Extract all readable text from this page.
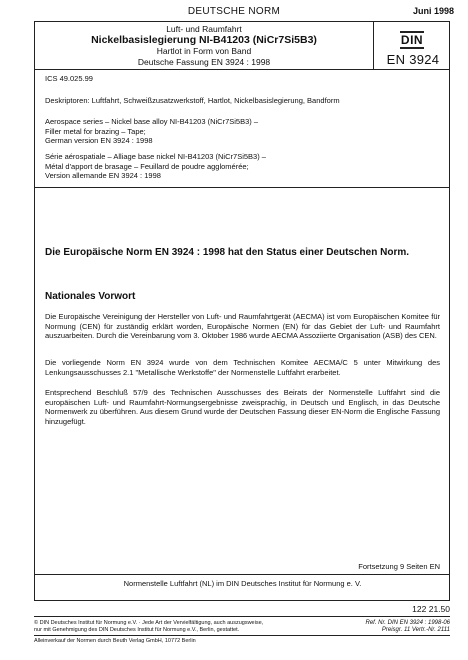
DEUTSCHE NORM	Juni 1998
Luft- und Raumfahrt
Nickelbasislegierung NI-B41203 (NiCr7Si5B3)
Hartlot in Form von Band
Deutsche Fassung EN 3924 : 1998
DIN
EN 3924
ICS 49.025.99
Deskriptoren: Luftfahrt, Schweißzusatzwerkstoff, Hartlot, Nickelbasislegierung, Bandform
Aerospace series – Nickel base alloy NI-B41203 (NiCr7Si5B3) –
Filler metal for brazing – Tape;
German version EN 3924 : 1998
Série aérospatiale – Alliage base nickel NI-B41203 (NiCr7Si5B3) –
Métal d'apport de brasage – Feuillard de poudre agglomérée;
Version allemande EN 3924 : 1998
Die Europäische Norm EN 3924 : 1998 hat den Status einer Deutschen Norm.
Nationales Vorwort
Die Europäische Vereinigung der Hersteller von Luft- und Raumfahrtgerät (AECMA) ist vom Europäischen Komitee für Normung (CEN) für zuständig erklärt worden, Europäische Normen (EN) für das Gebiet der Luft- und Raumfahrt auszuarbeiten. Durch die Vereinbarung vom 3. Oktober 1986 wurde AECMA Assoziierte Organisation (ASB) des CEN.
Die vorliegende Norm EN 3924 wurde von dem Technischen Komitee AECMA/C 5 unter Mitwirkung des Lenkungsausschusses 2.1 "Metallische Werkstoffe" der Normenstelle Luftfahrt erarbeitet.
Entsprechend Beschluß 57/9 des Technischen Ausschusses des Beirats der Normenstelle Luftfahrt sind die europäischen Luft- und Raumfahrt-Normungsergebnisse zweisprachig, in Deutsch und Englisch, in das Deutsche Normenwerk zu überführen. Aus diesem Grund wurde der Deutschen Fassung dieser EN-Norm die Englische Fassung hinzugefügt.
Fortsetzung 9 Seiten EN
Normenstelle Luftfahrt (NL) im DIN Deutsches Institut für Normung e. V.
122 21.50
© DIN Deutsches Institut für Normung e.V. · Jede Art der Vervielfältigung, auch auszugsweise,
nur mit Genehmigung des DIN Deutsches Institut für Normung e.V., Berlin, gestattet.
Ref. Nr. DIN EN 3924 : 1998-06
Preisgr. 11 Vertr.-Nr. 2111
Alleinverkauf der Normen durch Beuth Verlag GmbH, 10772 Berlin
